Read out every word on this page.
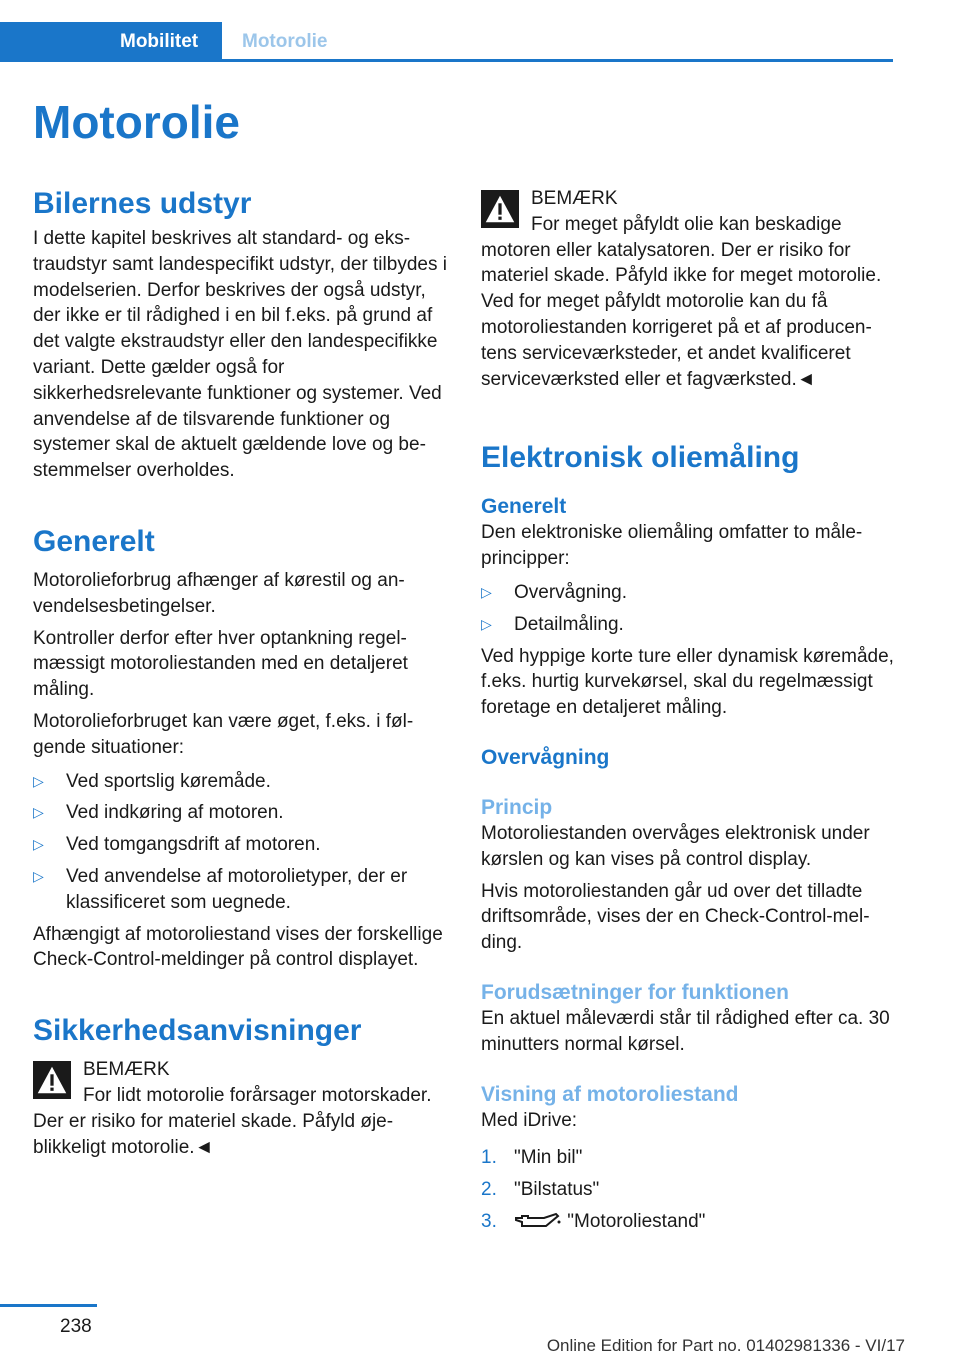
Mobilitet	Motorolie
Motorolie
Bilernes udstyr

I dette kapitel beskrives alt standard- og ekstraudstyr samt landespecifikt udstyr, der tilbydes i modelserien. Derfor beskrives der også udstyr, der ikke er til rådighed i en bil f.eks. på grund af det valgte ekstraudstyr eller den landespecifikke variant. Dette gælder også for sikkerhedsrelevante funktioner og systemer. Ved anvendelse af de tilsvarende funktioner og systemer skal de aktuelt gældende love og bestemmelser overholdes.

Generelt

Motorolieforbrug afhænger af kørestil og anvendelsesbetingelser.

Kontroller derfor efter hver optankning regelmæssigt motoroliestanden med en detaljeret måling.

Motorolieforbruget kan være øget, f.eks. i følgende situationer:

▷ Ved sportslig køremåde.
▷ Ved indkøring af motoren.
▷ Ved tomgangsdrift af motoren.
▷ Ved anvendelse af motorolietyper, der er klassificeret som uegnede.

Afhængigt af motoroliestand vises der forskellige Check-Control-meldinger på control displayet.

Sikkerhedsanvisninger

BEMÆRK

For lidt motorolie forårsager motorskader. Der er risiko for materiel skade. Påfyld øjeblikkeligt motorolie.◄

BEMÆRK

For meget påfyldt olie kan beskadige motoren eller katalysatoren. Der er risiko for materiel skade. Påfyld ikke for meget motorolie. Ved for meget påfyldt motorolie kan du få motoroliestanden korrigeret på et af producentens serviceværksteder, et andet kvalificeret serviceværksted eller et fagværksted.◄

Elektronisk oliemåling
Generelt

Den elektroniske oliemåling omfatter to måleprincipper:

▷ Overvågning.
▷ Detailmåling.

Ved hyppige korte ture eller dynamisk køremåde, f.eks. hurtig kurvekørsel, skal du regelmæssigt foretage en detaljeret måling.

Overvågning
Princip

Motoroliestanden overvåges elektronisk under kørslen og kan vises på control display.

Hvis motoroliestanden går ud over det tilladte driftsområde, vises der en Check-Control-melding.

Forudsætninger for funktionen

En aktuel måleværdi står til rådighed efter ca. 30 minutters normal kørsel.

Visning af motoroliestand

Med iDrive:

1. "Min bil"
2. "Bilstatus"
3.	"Motoroliestand"
238
Online Edition for Part no. 01402981336 - VI/17
